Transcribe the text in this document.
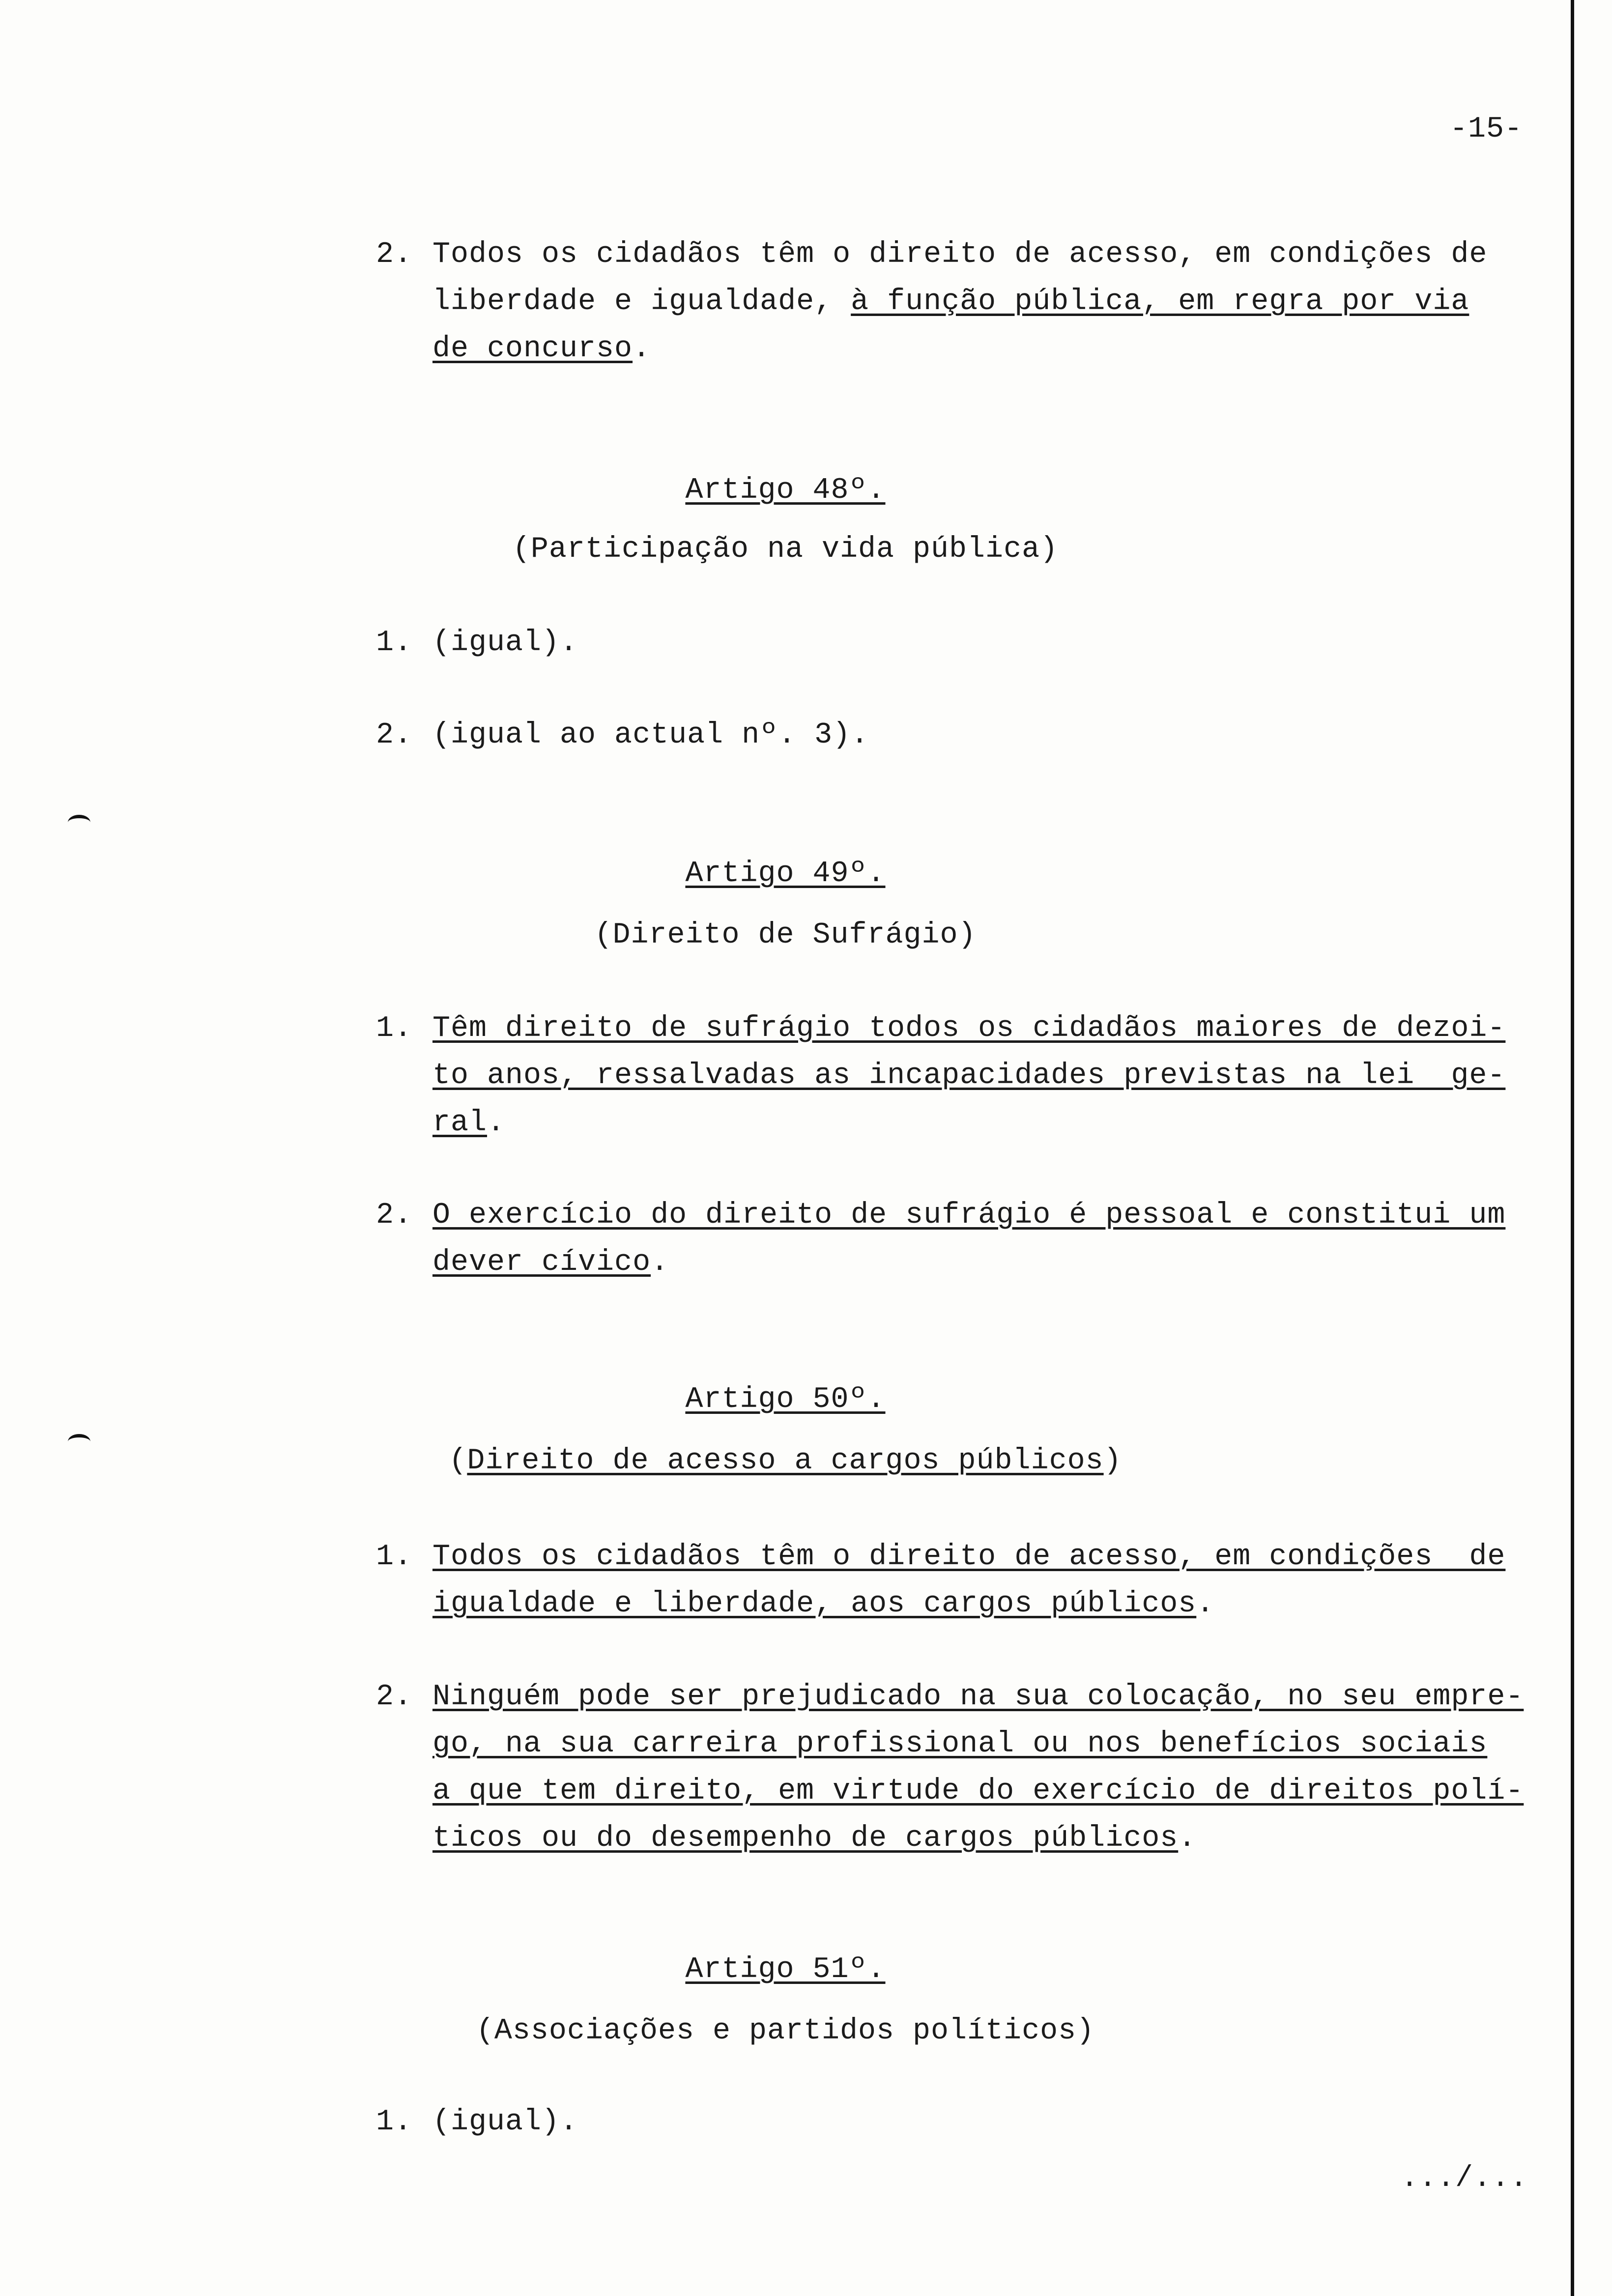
-15-
2. Todos os cidadãos têm o direito de acesso, em condições de
liberdade e igualdade, à função pública, em regra por via
de concurso.
Artigo 48º.
(Participação na vida pública)
1. (igual).
2. (igual ao actual nº. 3).
Artigo 49º.
(Direito de Sufrágio)
1. Têm direito de sufrágio todos os cidadãos maiores de dezoi-
to anos, ressalvadas as incapacidades previstas na lei  ge-
ral.
2. O exercício do direito de sufrágio é pessoal e constitui um
dever cívico.
Artigo 50º.
(Direito de acesso a cargos públicos)
1. Todos os cidadãos têm o direito de acesso, em condições  de
igualdade e liberdade, aos cargos públicos.
2. Ninguém pode ser prejudicado na sua colocação, no seu empre-
go, na sua carreira profissional ou nos benefícios sociais
a que tem direito, em virtude do exercício de direitos polí-
ticos ou do desempenho de cargos públicos.
Artigo 51º.
(Associações e partidos políticos)
1. (igual).
.../...
